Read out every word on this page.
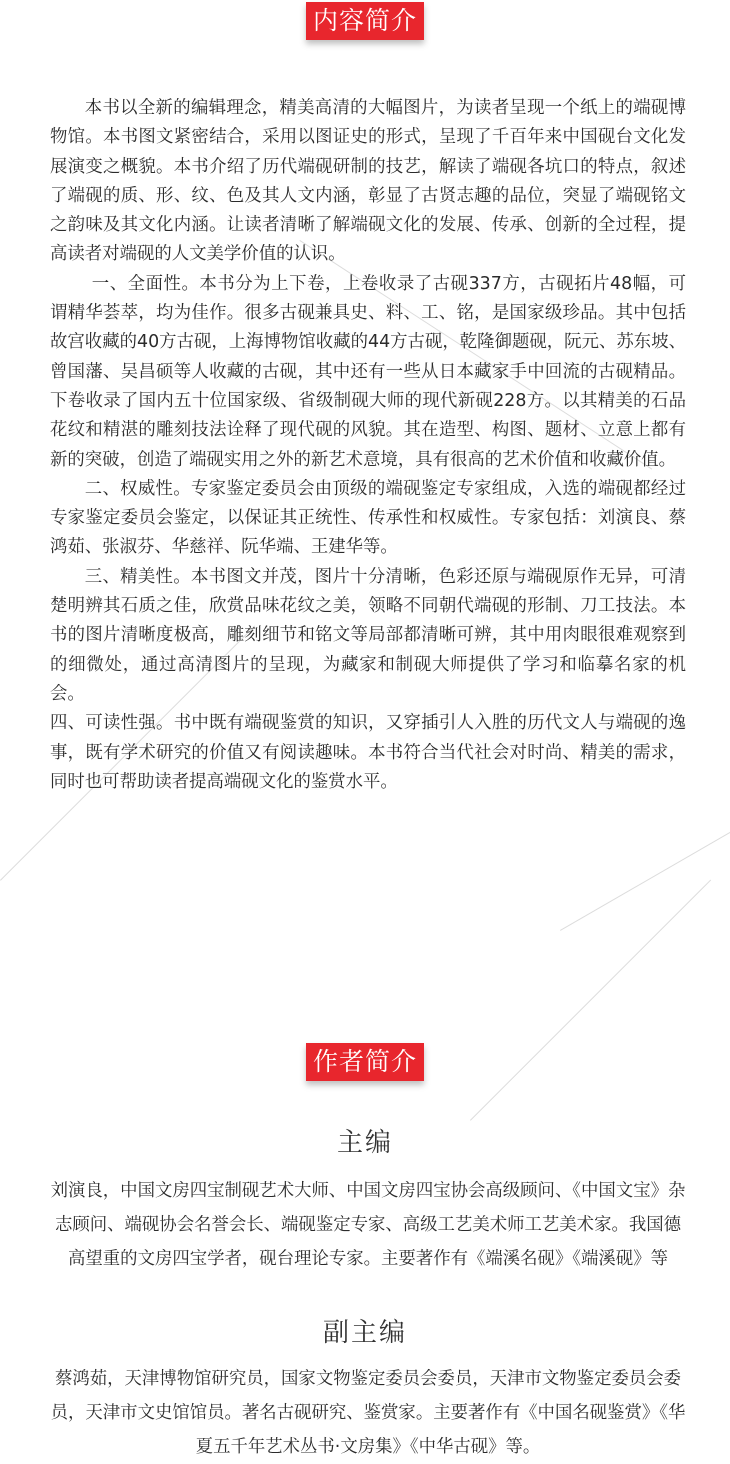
内容简介

本书以全新的编辑理念，精美高清的大幅图片，为读者呈现一个纸上的端砚博物馆。本书图文紧密结合，采用以图证史的形式，呈现了千百年来中国砚台文化发展演变之概貌。本书介绍了历代端砚研制的技艺，解读了端砚各坑口的特点，叙述了端砚的质、形、纹、色及其人文内涵，彰显了古贤志趣的品位，突显了端砚铭文之韵味及其文化内涵。让读者清晰了解端砚文化的发展、传承、创新的全过程，提高读者对端砚的人文美学价值的认识。

一、全面性。本书分为上下卷，上卷收录了古砚337方，古砚拓片48幅，可谓精华荟萃，均为佳作。很多古砚兼具史、料、工、铭，是国家级珍品。其中包括故宫收藏的40方古砚，上海博物馆收藏的44方古砚，乾隆御题砚，阮元、苏东坡、曾国藩、吴昌硕等人收藏的古砚，其中还有一些从日本藏家手中回流的古砚精品。下卷收录了国内五十位国家级、省级制砚大师的现代新砚228方。以其精美的石品花纹和精湛的雕刻技法诠释了现代砚的风貌。其在造型、构图、题材、立意上都有新的突破，创造了端砚实用之外的新艺术意境，具有很高的艺术价值和收藏价值。

二、权威性。专家鉴定委员会由顶级的端砚鉴定专家组成，入选的端砚都经过专家鉴定委员会鉴定，以保证其正统性、传承性和权威性。专家包括：刘演良、蔡鸿茹、张淑芬、华慈祥、阮华端、王建华等。

三、精美性。本书图文并茂，图片十分清晰，色彩还原与端砚原作无异，可清楚明辨其石质之佳，欣赏品味花纹之美，领略不同朝代端砚的形制、刀工技法。本书的图片清晰度极高，雕刻细节和铭文等局部都清晰可辨，其中用肉眼很难观察到的细微处，通过高清图片的呈现，为藏家和制砚大师提供了学习和临摹名家的机会。

四、可读性强。书中既有端砚鉴赏的知识，又穿插引人入胜的历代文人与端砚的逸事，既有学术研究的价值又有阅读趣味。本书符合当代社会对时尚、精美的需求，同时也可帮助读者提高端砚文化的鉴赏水平。

作者简介
主编
刘演良，中国文房四宝制砚艺术大师、中国文房四宝协会高级顾问、《中国文宝》杂志顾问、端砚协会名誉会长、端砚鉴定专家、高级工艺美术师工艺美术家。我国德高望重的文房四宝学者，砚台理论专家。主要著作有《端溪名砚》《端溪砚》等
副主编
蔡鸿茹，天津博物馆研究员，国家文物鉴定委员会委员，天津市文物鉴定委员会委员，天津市文史馆馆员。著名古砚研究、鉴赏家。主要著作有《中国名砚鉴赏》《华夏五千年艺术丛书·文房集》《中华古砚》等。
